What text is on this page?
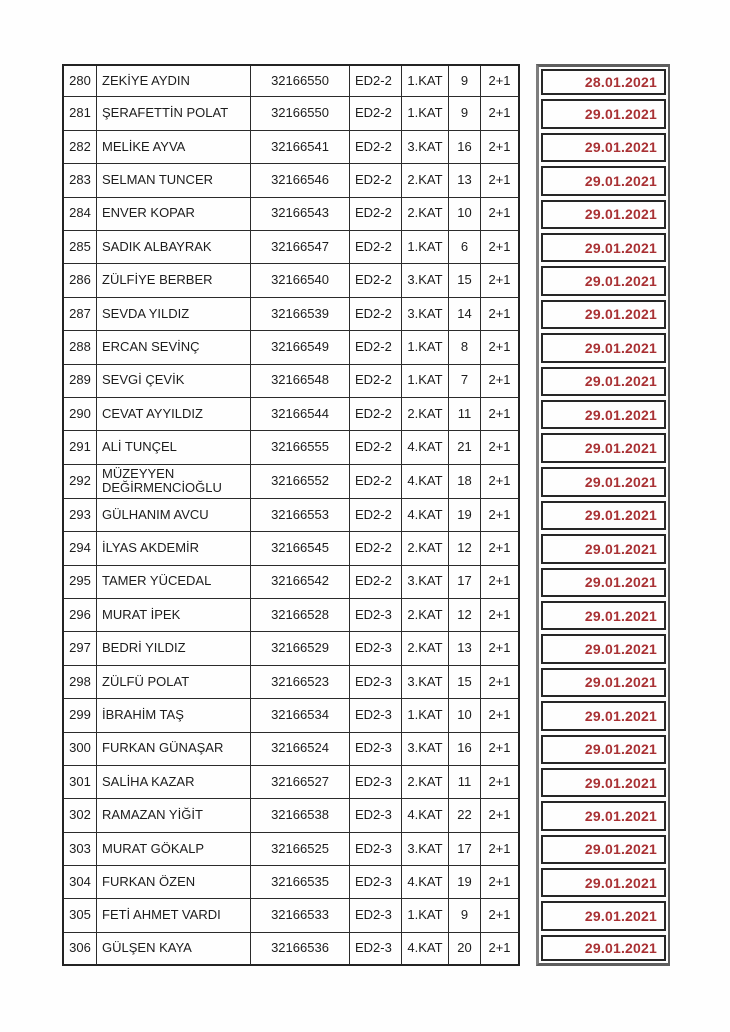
280 ZEKİYE AYDIN	32166550	ED2-2	1.KAT	9	2+1	28.01.2021
281 ŞERAFETTİN POLAT	32166550	ED2-2	1.KAT	9	2+1	29.01.2021
282 MELİKE AYVA	32166541	ED2-2	3.KAT	16	2+1	29.01.2021
283 SELMAN TUNCER	32166546	ED2-2	2.KAT	13	2+1	29.01.2021
284 ENVER KOPAR	32166543	ED2-2	2.KAT	10	2+1	29.01.2021
285 SADIK ALBAYRAK	32166547	ED2-2	1.KAT	6	2+1	29.01.2021
286 ZÜLFİYE BERBER	32166540	ED2-2	3.KAT	15	2+1	29.01.2021
287 SEVDA YILDIZ	32166539	ED2-2	3.KAT	14	2+1	29.01.2021
288 ERCAN SEVİNÇ	32166549	ED2-2	1.KAT	8	2+1	29.01.2021
289 SEVGİ ÇEVİK	32166548	ED2-2	1.KAT	7	2+1	29.01.2021
290 CEVAT AYYILDIZ	32166544	ED2-2	2.KAT	11	2+1	29.01.2021
291 ALİ TUNÇEL	32166555	ED2-2	4.KAT	21	2+1	29.01.2021
292 MÜZEYYEN DEĞİRMENCİOĞLU	32166552	ED2-2	4.KAT	18	2+1	29.01.2021
293 GÜLHANIM AVCU	32166553	ED2-2	4.KAT	19	2+1	29.01.2021
294 İLYAS AKDEMİR	32166545	ED2-2	2.KAT	12	2+1	29.01.2021
295 TAMER YÜCEDAL	32166542	ED2-2	3.KAT	17	2+1	29.01.2021
296 MURAT İPEK	32166528	ED2-3	2.KAT	12	2+1	29.01.2021
297 BEDRİ YILDIZ	32166529	ED2-3	2.KAT	13	2+1	29.01.2021
298 ZÜLFÜ POLAT	32166523	ED2-3	3.KAT	15	2+1	29.01.2021
299 İBRAHİM TAŞ	32166534	ED2-3	1.KAT	10	2+1	29.01.2021
300 FURKAN GÜNAŞAR	32166524	ED2-3	3.KAT	16	2+1	29.01.2021
301 SALİHA KAZAR	32166527	ED2-3	2.KAT	11	2+1	29.01.2021
302 RAMAZAN YİĞİT	32166538	ED2-3	4.KAT	22	2+1	29.01.2021
303 MURAT GÖKALP	32166525	ED2-3	3.KAT	17	2+1	29.01.2021
304 FURKAN ÖZEN	32166535	ED2-3	4.KAT	19	2+1	29.01.2021
305 FETİ AHMET VARDI	32166533	ED2-3	1.KAT	9	2+1	29.01.2021
306 GÜLŞEN KAYA	32166536	ED2-3	4.KAT	20	2+1	29.01.2021
